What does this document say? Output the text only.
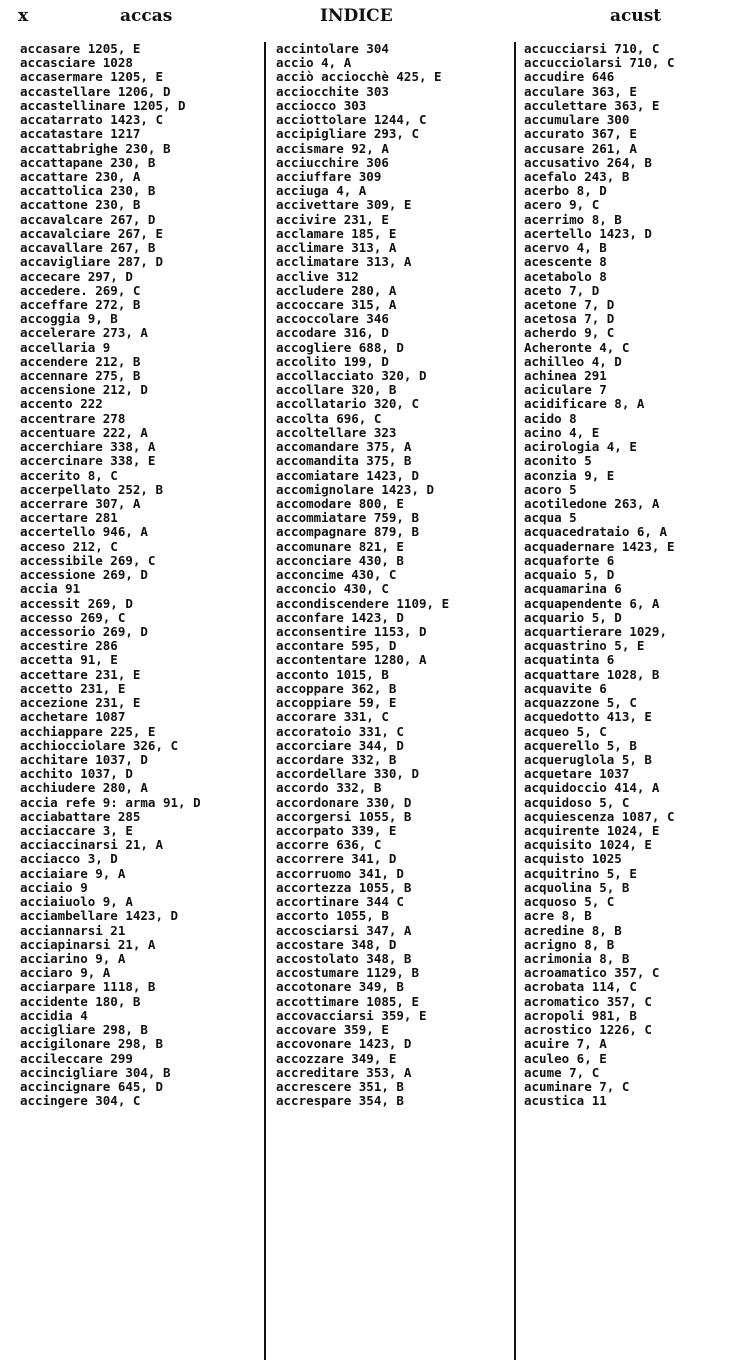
x	accas	INDICE	acust
accasare 1205, E
accasciare 1028
accasermare 1205, E
accastellare 1206, D
accastellinare 1205, D
accatarrato 1423, C
accatastare 1217
accattabrighe 230, B
accattapane 230, B
accattare 230, A
accattolica 230, B
accattone 230, B
accavalcare 267, D
accavalciare 267, E
accavallare 267, B
accavigliare 287, D
accecare 297, D
accedere. 269, C
acceffare 272, B
accoggia 9, B
accelerare 273, A
accellaria 9
accendere 212, B
accennare 275, B
accensione 212, D
accento 222
accentrare 278
accentuare 222, A
accerchiare 338, A
accercinare 338, E
accerito 8, C
accerpellato 252, B
accerrare 307, A
accertare 281
accertello 946, A
acceso 212, C
accessibile 269, C
accessione 269, D
accia 91
accessit 269, D
accesso 269, C
accessorio 269, D
accestire 286
accetta 91, E
accettare 231, E
accetto 231, E
accezione 231, E
acchetare 1087
acchiappare 225, E
acchiocciolare 326, C
acchitare 1037, D
acchito 1037, D
acchiudere 280, A
accia refe 9: arma 91, D
acciabattare 285
acciaccare 3, E
acciaccinarsi 21, A
acciacco 3, D
acciaiare 9, A
acciaio 9
acciaiuolo 9, A
acciambellare 1423, D
acciannarsi 21
acciapinarsi 21, A
acciarino 9, A
acciaro 9, A
acciarpare 1118, B
accidente 180, B
accidia 4
accigliare 298, B
accigilonare 298, B
accileccare 299
accincigliare 304, B
accincignare 645, D
accingere 304, C
accintolare 304
accio 4, A
acciò acciocchè 425, E
acciocchite 303
acciocco 303
acciottolare 1244, C
accipigliare 293, C
accismare 92, A
acciucchire 306
acciuffare 309
acciuga 4, A
accivettare 309, E
accivire 231, E
acclamare 185, E
acclimare 313, A
acclimatare 313, A
acclive 312
accludere 280, A
accoccare 315, A
accoccolare 346
accodare 316, D
accogliere 688, D
accolito 199, D
accollacciato 320, D
accollare 320, B
accollatario 320, C
accolta 696, C
accoltellare 323
accomandare 375, A
accomandita 375, B
accomiatare 1423, D
accomignolare 1423, D
accomodare 800, E
accommiatare 759, B
accompagnare 879, B
accomunare 821, E
acconciare 430, B
acconcime 430, C
acconcio 430, C
accondiscendere 1109, E
acconfare 1423, D
acconsentire 1153, D
accontare 595, D
accontentare 1280, A
acconto 1015, B
accoppare 362, B
accoppiare 59, E
accorare 331, C
accoratoio 331, C
accorciare 344, D
accordare 332, B
accordellare 330, D
accordo 332, B
accordonare 330, D
accorgersi 1055, B
accorpato 339, E
accorre 636, C
accorrere 341, D
accorruomo 341, D
accortezza 1055, B
accortinare 344 C
accorto 1055, B
accosciarsi 347, A
accostare 348, D
accostolato 348, B
accostumare 1129, B
accotonare 349, B
accottimare 1085, E
accovacciarsi 359, E
accovare 359, E
accovonare 1423, D
accozzare 349, E
accreditare 353, A
accrescere 351, B
accrespare 354, B
accucciarsi 710, C
accucciolarsi 710, C
accudire 646
acculare 363, E
acculettare 363, E
accumulare 300
accurato 367, E
accusare 261, A
accusativo 264, B
acefalo 243, B
acerbo 8, D
acero 9, C
acerrimo 8, B
acertello 1423, D
acervo 4, B
acescente 8
acetabolo 8
aceto 7, D
acetone 7, D
acetosa 7, D
acherdo 9, C
Acheronte 4, C
achilleo 4, D
achinea 291
aciculare 7
acidificare 8, A
acido 8
acino 4, E
acirologia 4, E
aconito 5
aconzia 9, E
acoro 5
acotiledone 263, A
acqua 5
acquacedrataio 6, A
acquadernare 1423, E
acquaforte 6
acquaio 5, D
acquamarina 6
acquapendente 6, A
acquario 5, D
acquartierare 1029,
acquastrino 5, E
acquatinta 6
acquattare 1028, B
acquavite 6
acquazzone 5, C
acquedotto 413, E
acqueo 5, C
acquerello 5, B
acqueruglola 5, B
acquetare 1037
acquidoccio 414, A
acquidoso 5, C
acquiescenza 1087, C
acquirente 1024, E
acquisito 1024, E
acquisto 1025
acquitrino 5, E
acquolina 5, B
acquoso 5, C
acre 8, B
acredine 8, B
acrigno 8, B
acrimonia 8, B
acroamatico 357, C
acrobata 114, C
acromatico 357, C
acropoli 981, B
acrostico 1226, C
acuire 7, A
aculeo 6, E
acume 7, C
acuminare 7, C
acustica 11
